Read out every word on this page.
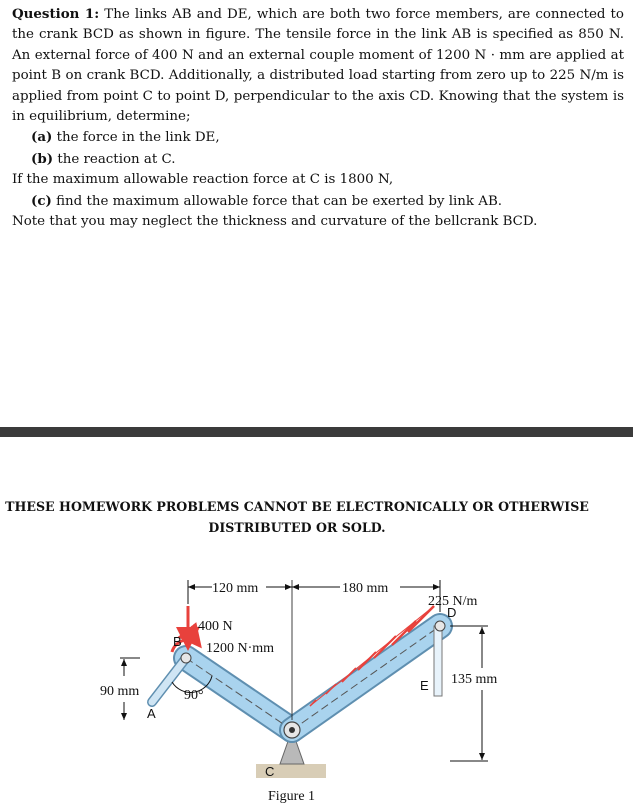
Question 1: The links AB and DE, which are both two force members, are connected to the crank BCD as shown in figure. The tensile force in the link AB is specified as 850 N. An external force of 400 N and an external couple moment of 1200 N · mm are applied at point B on crank BCD. Additionally, a distributed load starting from zero up to 225 N/m is applied from point C to point D, perpendicular to the axis CD. Knowing that the system is in equilibrium, determine;

(a) the force in the link DE,

(b) the reaction at C.

If the maximum allowable reaction force at C is 1800 N,

(c) find the maximum allowable force that can be exerted by link AB.

Note that you may neglect the thickness and curvature of the bellcrank BCD.

THESE HOMEWORK PROBLEMS CANNOT BE ELECTRONICALLY OR OTHERWISE
DISTRIBUTED OR SOLD.
120 mm	180 mm
90 mm
135 mm
90°
400 N
1200 N·mm
225 N/m
A
B
C
D
E
Figure 1
